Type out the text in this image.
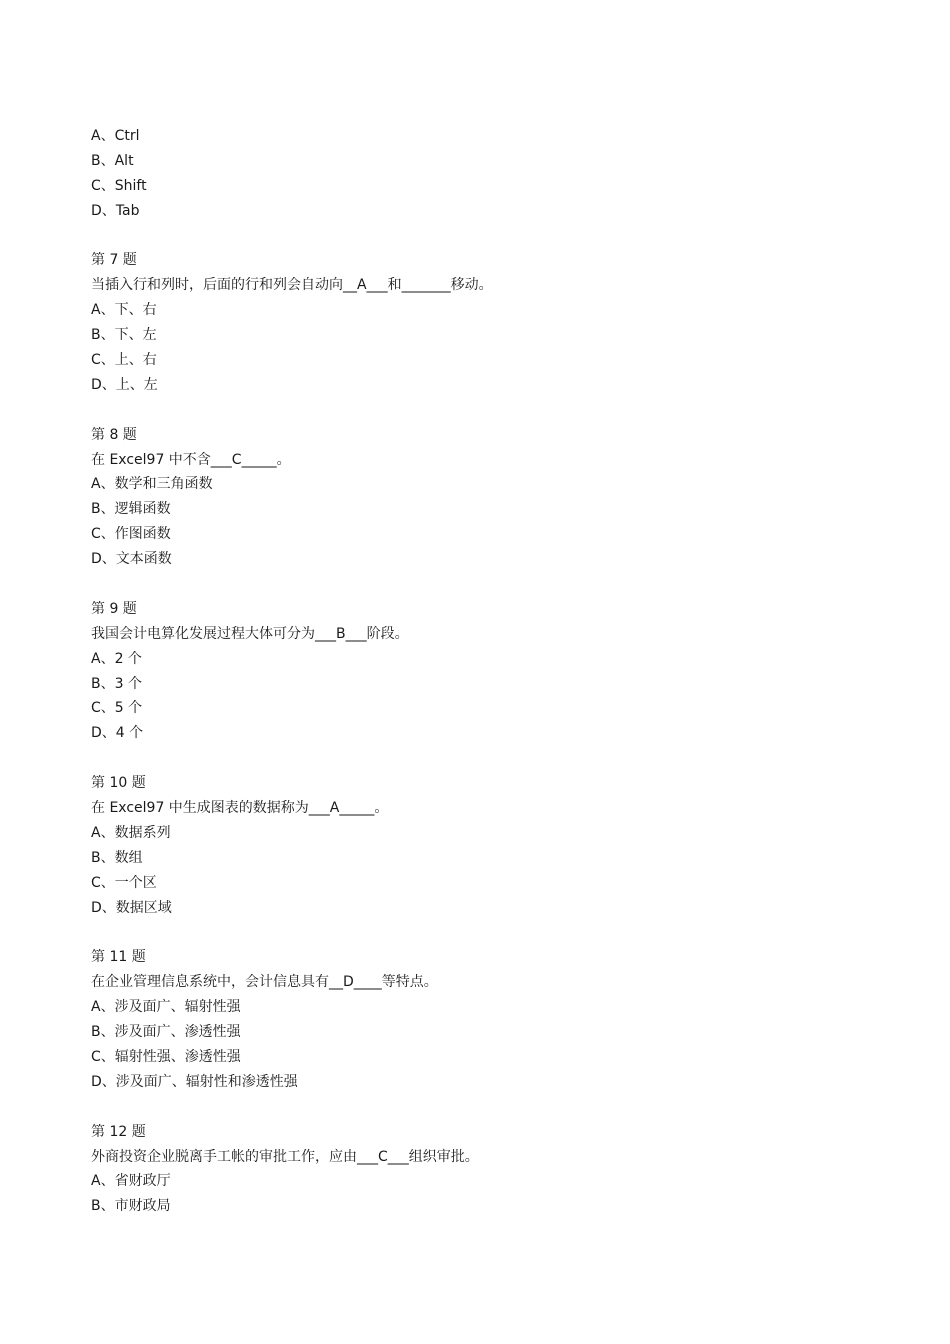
A、Ctrl
B、Alt
C、Shift
D、Tab
第 7 题
当插入行和列时，后面的行和列会自动向__A___和_______移动。
A、下、右
B、下、左
C、上、右
D、上、左
第 8 题
在 Excel97 中不含___C_____。
A、数学和三角函数
B、逻辑函数
C、作图函数
D、文本函数
第 9 题
我国会计电算化发展过程大体可分为___B___阶段。
A、2 个
B、3 个
C、5 个
D、4 个
第 10 题
在 Excel97 中生成图表的数据称为___A_____。
A、数据系列
B、数组
C、一个区
D、数据区域
第 11 题
在企业管理信息系统中，会计信息具有__D____等特点。
A、涉及面广、辐射性强
B、涉及面广、渗透性强
C、辐射性强、渗透性强
D、涉及面广、辐射性和渗透性强
第 12 题
外商投资企业脱离手工帐的审批工作，应由___C___组织审批。
A、省财政厅
B、市财政局
